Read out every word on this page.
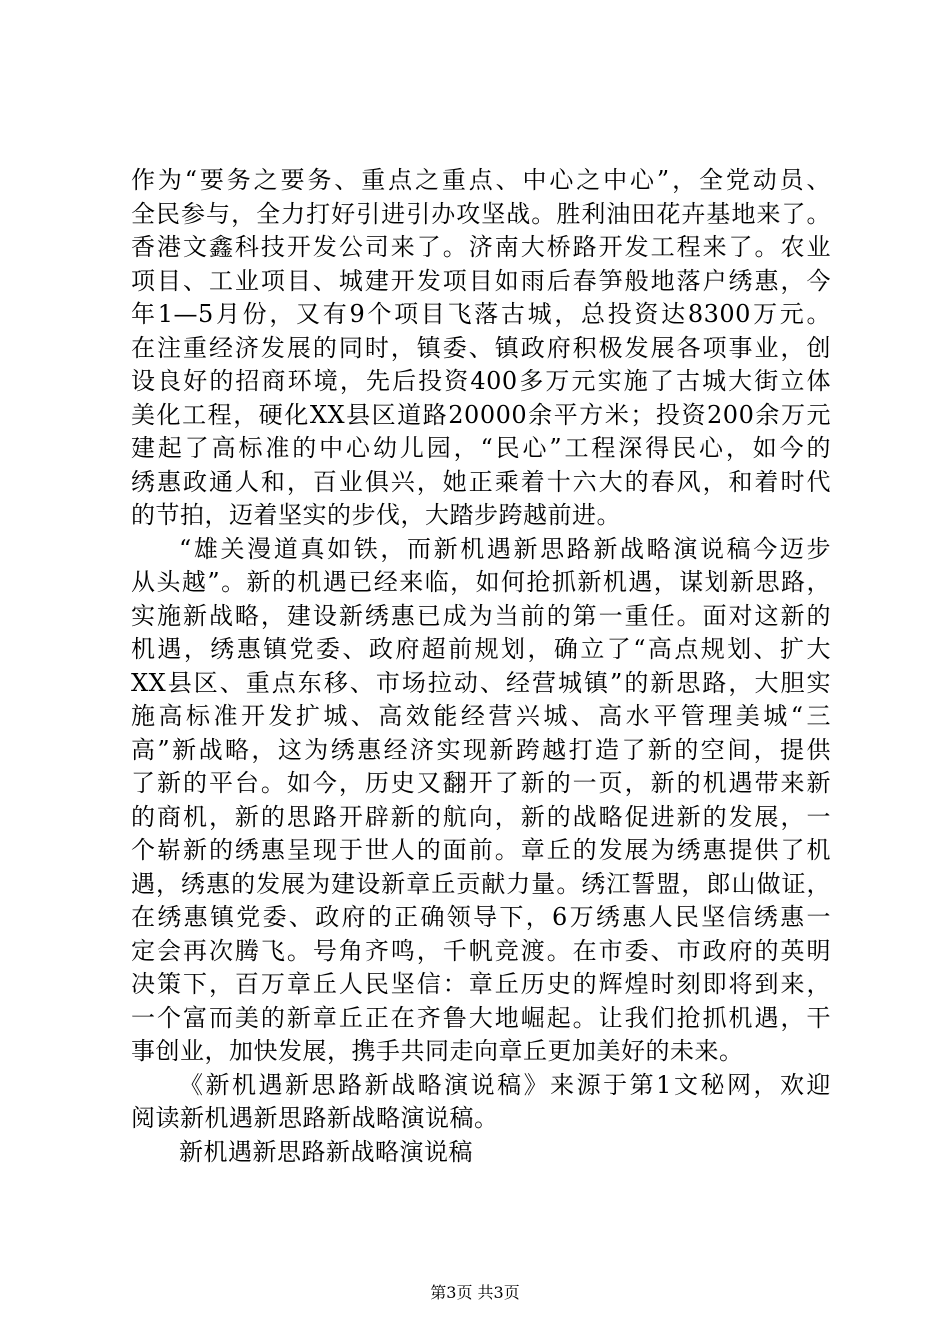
作为“要务之要务、重点之重点、中心之中心”，全党动员、
全民参与，全力打好引进引办攻坚战。胜利油田花卉基地来了。
香港文鑫科技开发公司来了。济南大桥路开发工程来了。农业
项目、工业项目、城建开发项目如雨后春笋般地落户绣惠，今
年1—5月份，又有9个项目飞落古城，总投资达8300万元。
在注重经济发展的同时，镇委、镇政府积极发展各项事业，创
设良好的招商环境，先后投资400多万元实施了古城大街立体
美化工程，硬化XX县区道路20000余平方米；投资200余万元
建起了高标准的中心幼儿园，“民心”工程深得民心，如今的
绣惠政通人和，百业俱兴，她正乘着十六大的春风，和着时代
的节拍，迈着坚实的步伐，大踏步跨越前进。
“雄关漫道真如铁，而新机遇新思路新战略演说稿今迈步
从头越”。新的机遇已经来临，如何抢抓新机遇，谋划新思路，
实施新战略，建设新绣惠已成为当前的第一重任。面对这新的
机遇，绣惠镇党委、政府超前规划，确立了“高点规划、扩大
XX县区、重点东移、市场拉动、经营城镇”的新思路，大胆实
施高标准开发扩城、高效能经营兴城、高水平管理美城“三
高”新战略，这为绣惠经济实现新跨越打造了新的空间，提供
了新的平台。如今，历史又翻开了新的一页，新的机遇带来新
的商机，新的思路开辟新的航向，新的战略促进新的发展，一
个崭新的绣惠呈现于世人的面前。章丘的发展为绣惠提供了机
遇，绣惠的发展为建设新章丘贡献力量。绣江誓盟，郎山做证，
在绣惠镇党委、政府的正确领导下，6万绣惠人民坚信绣惠一
定会再次腾飞。号角齐鸣，千帆竞渡。在市委、市政府的英明
决策下，百万章丘人民坚信：章丘历史的辉煌时刻即将到来，
一个富而美的新章丘正在齐鲁大地崛起。让我们抢抓机遇，干
事创业，加快发展，携手共同走向章丘更加美好的未来。
《新机遇新思路新战略演说稿》来源于第1文秘网，欢迎
阅读新机遇新思路新战略演说稿。
新机遇新思路新战略演说稿
第3页 共3页
